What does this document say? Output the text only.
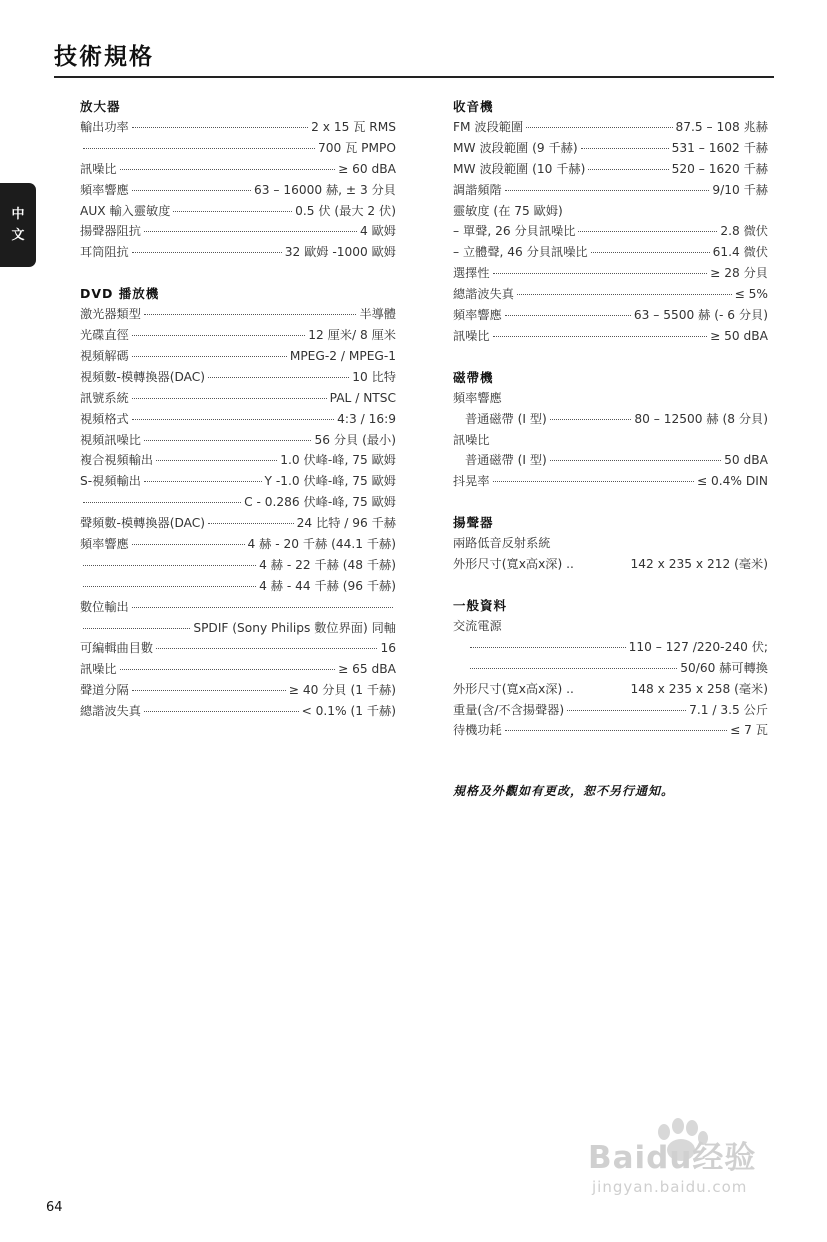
技術規格
中
文
放大器
輸出功率	2 x 15 瓦 RMS
700 瓦 PMPO
訊噪比	≥ 60 dBA
頻率響應	63 – 16000 赫, ± 3 分貝
AUX 輸入靈敏度	0.5 伏 (最大 2 伏)
揚聲器阻抗	4 歐姆
耳筒阻抗	32 歐姆 -1000 歐姆
DVD 播放機
激光器類型	半導體
光碟直徑	12 厘米/ 8 厘米
視頻解碼	MPEG-2 / MPEG-1
視頻數-模轉換器(DAC)	10 比特
訊號系統	PAL / NTSC
視頻格式	4:3 / 16:9
視頻訊噪比	56 分貝 (最小)
複合視頻輸出	1.0 伏峰-峰, 75 歐姆
S-視頻輸出	Y -1.0 伏峰-峰, 75 歐姆
C - 0.286 伏峰-峰, 75 歐姆
聲頻數-模轉換器(DAC)	24 比特 / 96 千赫
頻率響應	4 赫 - 20 千赫 (44.1 千赫)
4 赫 - 22 千赫 (48 千赫)
4 赫 - 44 千赫 (96 千赫)
數位輸出
SPDIF (Sony Philips 數位界面) 同軸
可編輯曲目數	16
訊噪比	≥ 65 dBA
聲道分隔	≥ 40 分貝 (1 千赫)
總諧波失真	< 0.1% (1 千赫)
收音機
FM 波段範圍	87.5 – 108 兆赫
MW 波段範圍 (9 千赫)	531 – 1602 千赫
MW 波段範圍 (10 千赫)	520 – 1620 千赫
調諧頻階	9/10 千赫
靈敏度 (在 75 歐姆)
– 單聲, 26 分貝訊噪比	2.8 微伏
– 立體聲, 46 分貝訊噪比	61.4 微伏
選擇性	≥ 28 分貝
總諧波失真	≤ 5%
頻率響應	63 – 5500 赫 (- 6 分貝)
訊噪比	≥ 50 dBA
磁帶機
頻率響應
普通磁帶 (I 型)	80 – 12500 赫 (8 分貝)
訊噪比
普通磁帶 (I 型)	50 dBA
抖晃率	≤ 0.4% DIN
揚聲器
兩路低音反射系統
外形尺寸(寬x高x深) ..	142 x 235 x 212 (毫米)
一般資料
交流電源
110 – 127 /220-240 伏;
50/60 赫可轉換
外形尺寸(寬x高x深) ..	148 x 235 x 258 (毫米)
重量(含/不含揚聲器)	7.1 / 3.5 公斤
待機功耗	≤ 7 瓦
規格及外觀如有更改，恕不另行通知。
64
Baidu经验
jingyan.baidu.com
